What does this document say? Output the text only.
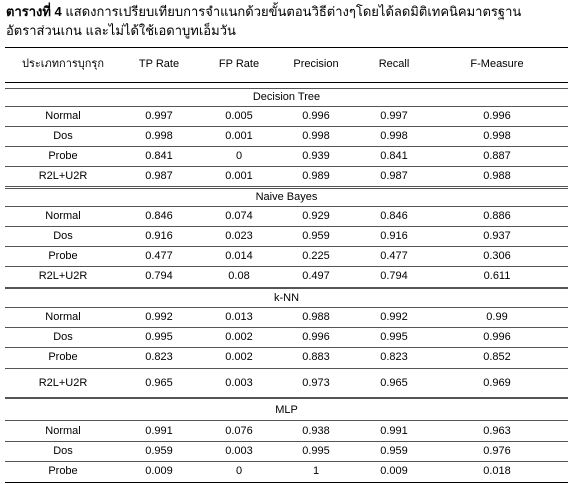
ตารางที่ 4 แสดงการเปรียบเทียบการจำแนกด้วยขั้นตอนวิธีต่างๆโดยได้ลดมิติเทคนิคมาตรฐานอัตราส่วนเกน และไม่ได้ใช้เอดาบูทเอ็มวัน
ประเภทการบุกรุก	TP Rate	FP Rate	Precision	Recall	F-Measure
Decision Tree
Normal	0.997	0.005	0.996	0.997	0.996
Dos	0.998	0.001	0.998	0.998	0.998
Probe	0.841	0	0.939	0.841	0.887
R2L+U2R	0.987	0.001	0.989	0.987	0.988
Naive Bayes
Normal	0.846	0.074	0.929	0.846	0.886
Dos	0.916	0.023	0.959	0.916	0.937
Probe	0.477	0.014	0.225	0.477	0.306
R2L+U2R	0.794	0.08	0.497	0.794	0.611
k-NN
Normal	0.992	0.013	0.988	0.992	0.99
Dos	0.995	0.002	0.996	0.995	0.996
Probe	0.823	0.002	0.883	0.823	0.852
R2L+U2R	0.965	0.003	0.973	0.965	0.969
MLP
Normal	0.991	0.076	0.938	0.991	0.963
Dos	0.959	0.003	0.995	0.959	0.976
Probe	0.009	0	1	0.009	0.018
